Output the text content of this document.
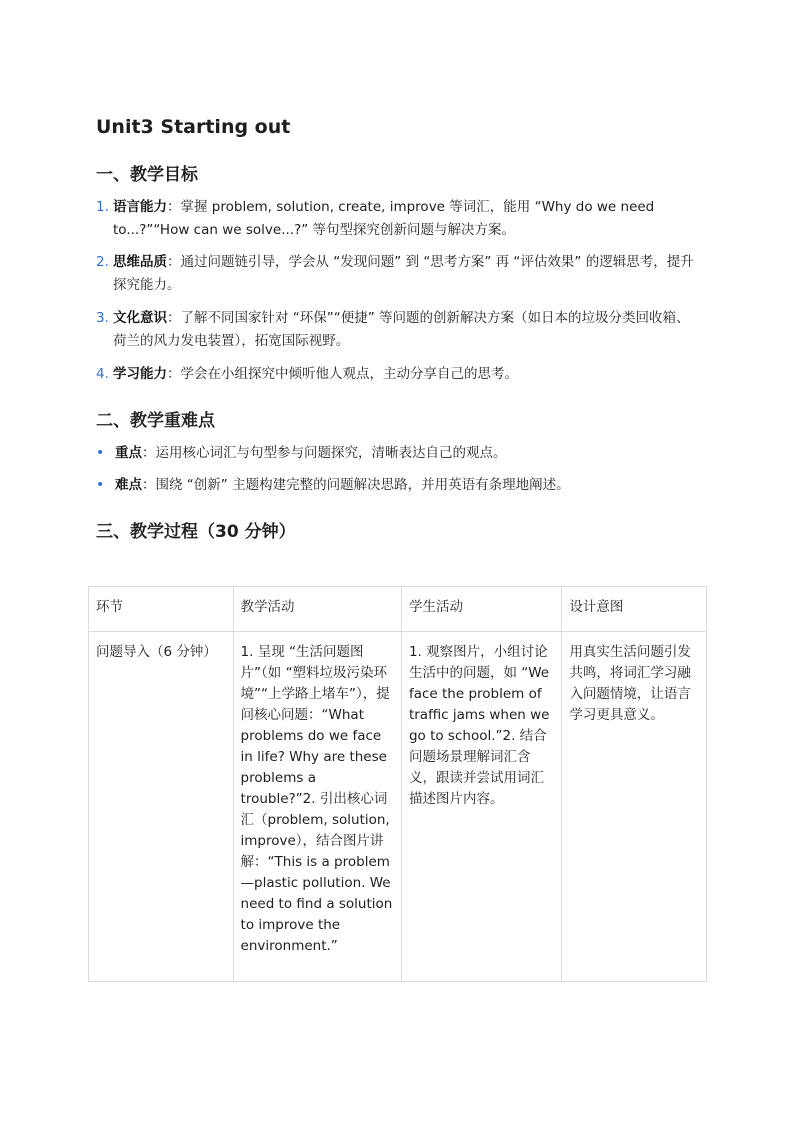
Unit3 Starting out
一、教学目标
1. 语言能力：掌握 problem, solution, create, improve 等词汇，能用 “Why do we need to...?”“How can we solve...?” 等句型探究创新问题与解决方案。
2. 思维品质：通过问题链引导，学会从 “发现问题” 到 “思考方案” 再 “评估效果” 的逻辑思考，提升探究能力。
3. 文化意识：了解不同国家针对 “环保”“便捷” 等问题的创新解决方案（如日本的垃圾分类回收箱、荷兰的风力发电装置），拓宽国际视野。
4. 学习能力：学会在小组探究中倾听他人观点，主动分享自己的思考。
二、教学重难点
• 重点：运用核心词汇与句型参与问题探究，清晰表达自己的观点。
• 难点：围绕 “创新” 主题构建完整的问题解决思路，并用英语有条理地阐述。
三、教学过程（30 分钟）
环节	教学活动	学生活动	设计意图
问题导入（6 分钟）	1. 呈现 “生活问题图片”（如 “塑料垃圾污染环境”“上学路上堵车”），提问核心问题：“What problems do we face in life? Why are these problems a trouble?”2. 引出核心词汇（problem, solution, improve），结合图片讲解：“This is a problem—plastic pollution. We need to find a solution to improve the environment.”	1. 观察图片，小组讨论生活中的问题，如 “We face the problem of traffic jams when we go to school.”2. 结合问题场景理解词汇含义，跟读并尝试用词汇描述图片内容。	用真实生活问题引发共鸣，将词汇学习融入问题情境，让语言学习更具意义。
